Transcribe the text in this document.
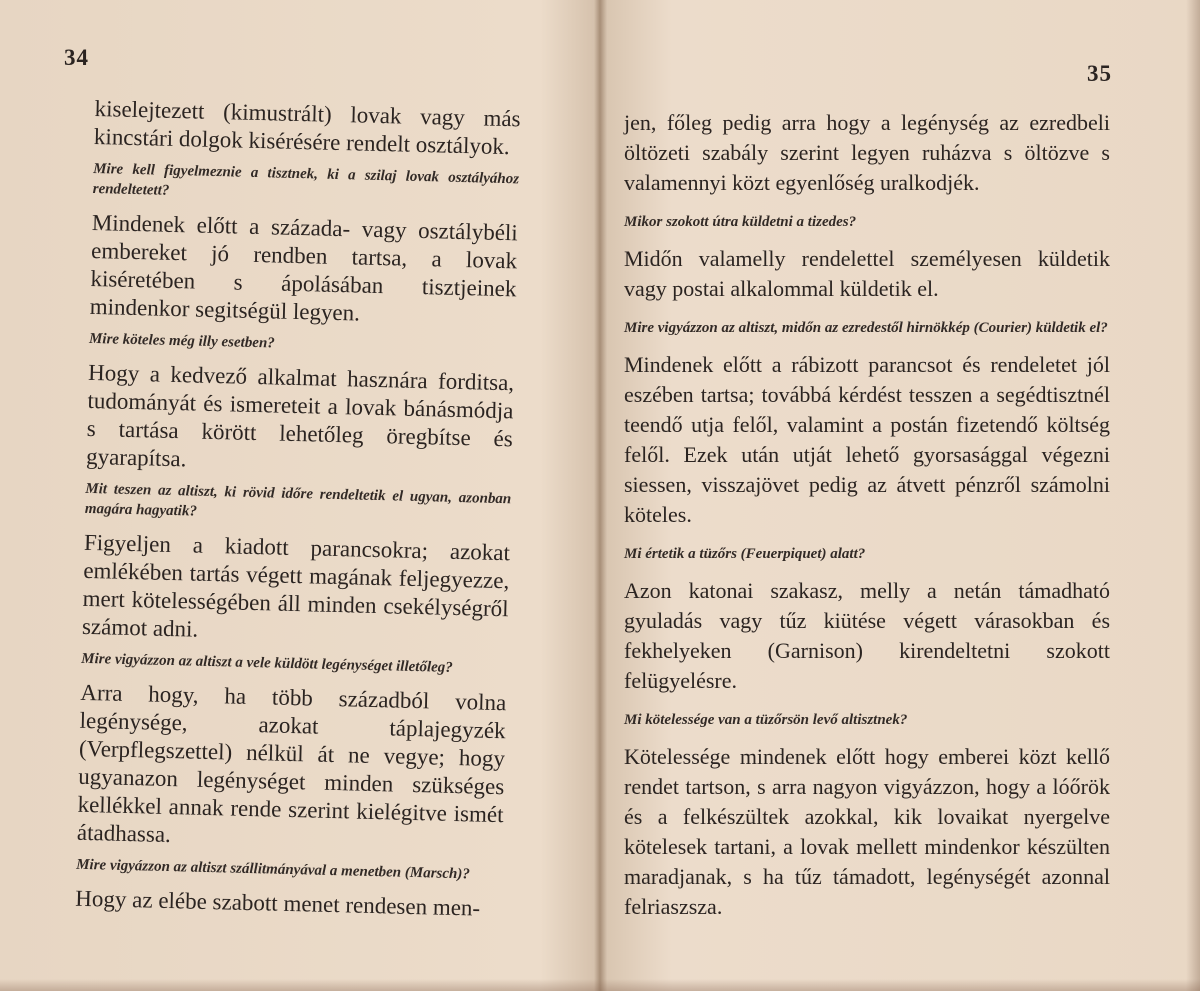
34

kiselejtezett (kimustrált) lovak vagy más kincstári dolgok kisérésére rendelt osztályok.

Mire kell figyelmeznie a tisztnek, ki a szilaj lovak osztályához rendeltetett?

Mindenek előtt a századа- vagy osztálybéli embereket jó rendben tartsa, a lovak kiséretében s ápolásában tisztjeinek mindenkor segitségül legyen.

Mire köteles még illy esetben?

Hogy a kedvező alkalmat hasznára forditsa, tudományát és ismereteit a lovak bánásmódja s tartása körött lehetőleg öregbítse és gyarapítsa.

Mit teszen az altiszt, ki rövid időre rendeltetik el ugyan, azonban magára hagyatik?

Figyeljen a kiadott parancsokra; azokat emlékében tartás végett magának feljegyezze, mert kötelességében áll minden csekélységről számot adni.

Mire vigyázzon az altiszt a vele küldött legénységet illetőleg?

Arra hogy, ha több századból volna legénysége, azokat táplajegyzék (Verpflegszettel) nélkül át ne vegye; hogy ugyanazon legénységet minden szükséges kellékkel annak rende szerint kielégitve ismét átadhassa.

Mire vigyázzon az altiszt szállitmányával a menetben (Marsch)?

Hogy az elébe szabott menet rendesen men-

35

jen, főleg pedig arra hogy a legénység az ezredbeli öltözeti szabály szerint legyen ruházva s öltözve s valamennyi közt egyenlőség uralkodjék.

Mikor szokott útra küldetni a tizedes?

Midőn valamelly rendelettel személyesen küldetik vagy postai alkalommal küldetik el.

Mire vigyázzon az altiszt, midőn az ezredestől hirnökkép (Courier) küldetik el?

Mindenek előtt a rábizott parancsot és rendeletet jól eszében tartsa; továbbá kérdést tesszen a segédtisztnél teendő utja felől, valamint a postán fizetendő költség felől. Ezek után utját lehető gyorsasággal végezni siessen, visszajövet pedig az átvett pénzről számolni köteles.

Mi értetik a tüzőrs (Feuerpiquet) alatt?

Azon katonai szakasz, melly a netán támadható gyuladás vagy tűz kiütése végett várasokban és fekhelyeken (Garnison) kirendeltetni szokott felügyelésre.

Mi kötelessége van a tüzőrsön levő altisztnek?

Kötelessége mindenek előtt hogy emberei közt kellő rendet tartson, s arra nagyon vigyázzon, hogy a lóőrök és a felkészültek azokkal, kik lovaikat nyergelve kötelesek tartani, a lovak mellett mindenkor készülten maradjanak, s ha tűz támadott, legénységét azonnal felriaszsza.
